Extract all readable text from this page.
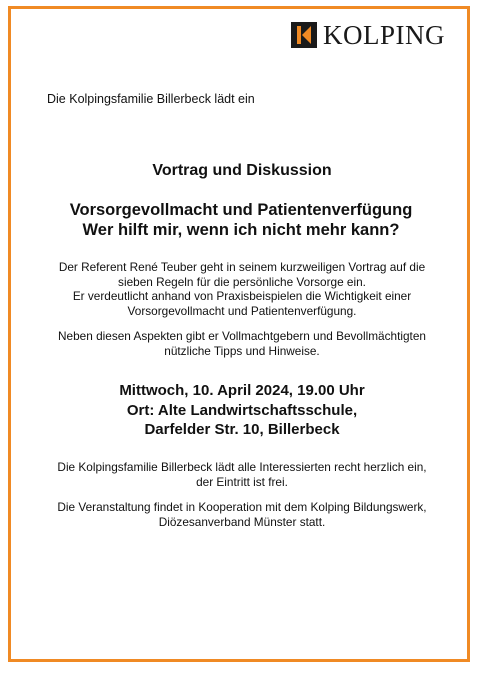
KOLPING
Die Kolpingsfamilie Billerbeck lädt ein
Vortrag und Diskussion
Vorsorgevollmacht und Patientenverfügung
Wer hilft mir, wenn ich nicht mehr kann?
Der Referent René Teuber geht in seinem kurzweiligen Vortrag auf die
sieben Regeln für die persönliche Vorsorge ein.
Er verdeutlicht anhand von Praxisbeispielen die Wichtigkeit einer
Vorsorgevollmacht und Patientenverfügung.
Neben diesen Aspekten gibt er Vollmachtgebern und Bevollmächtigten
nützliche Tipps und Hinweise.
Mittwoch, 10. April 2024, 19.00 Uhr
Ort: Alte Landwirtschaftsschule,
Darfelder Str. 10, Billerbeck
Die Kolpingsfamilie Billerbeck lädt alle Interessierten recht herzlich ein,
der Eintritt ist frei.
Die Veranstaltung findet in Kooperation mit dem Kolping Bildungswerk,
Diözesanverband Münster statt.
